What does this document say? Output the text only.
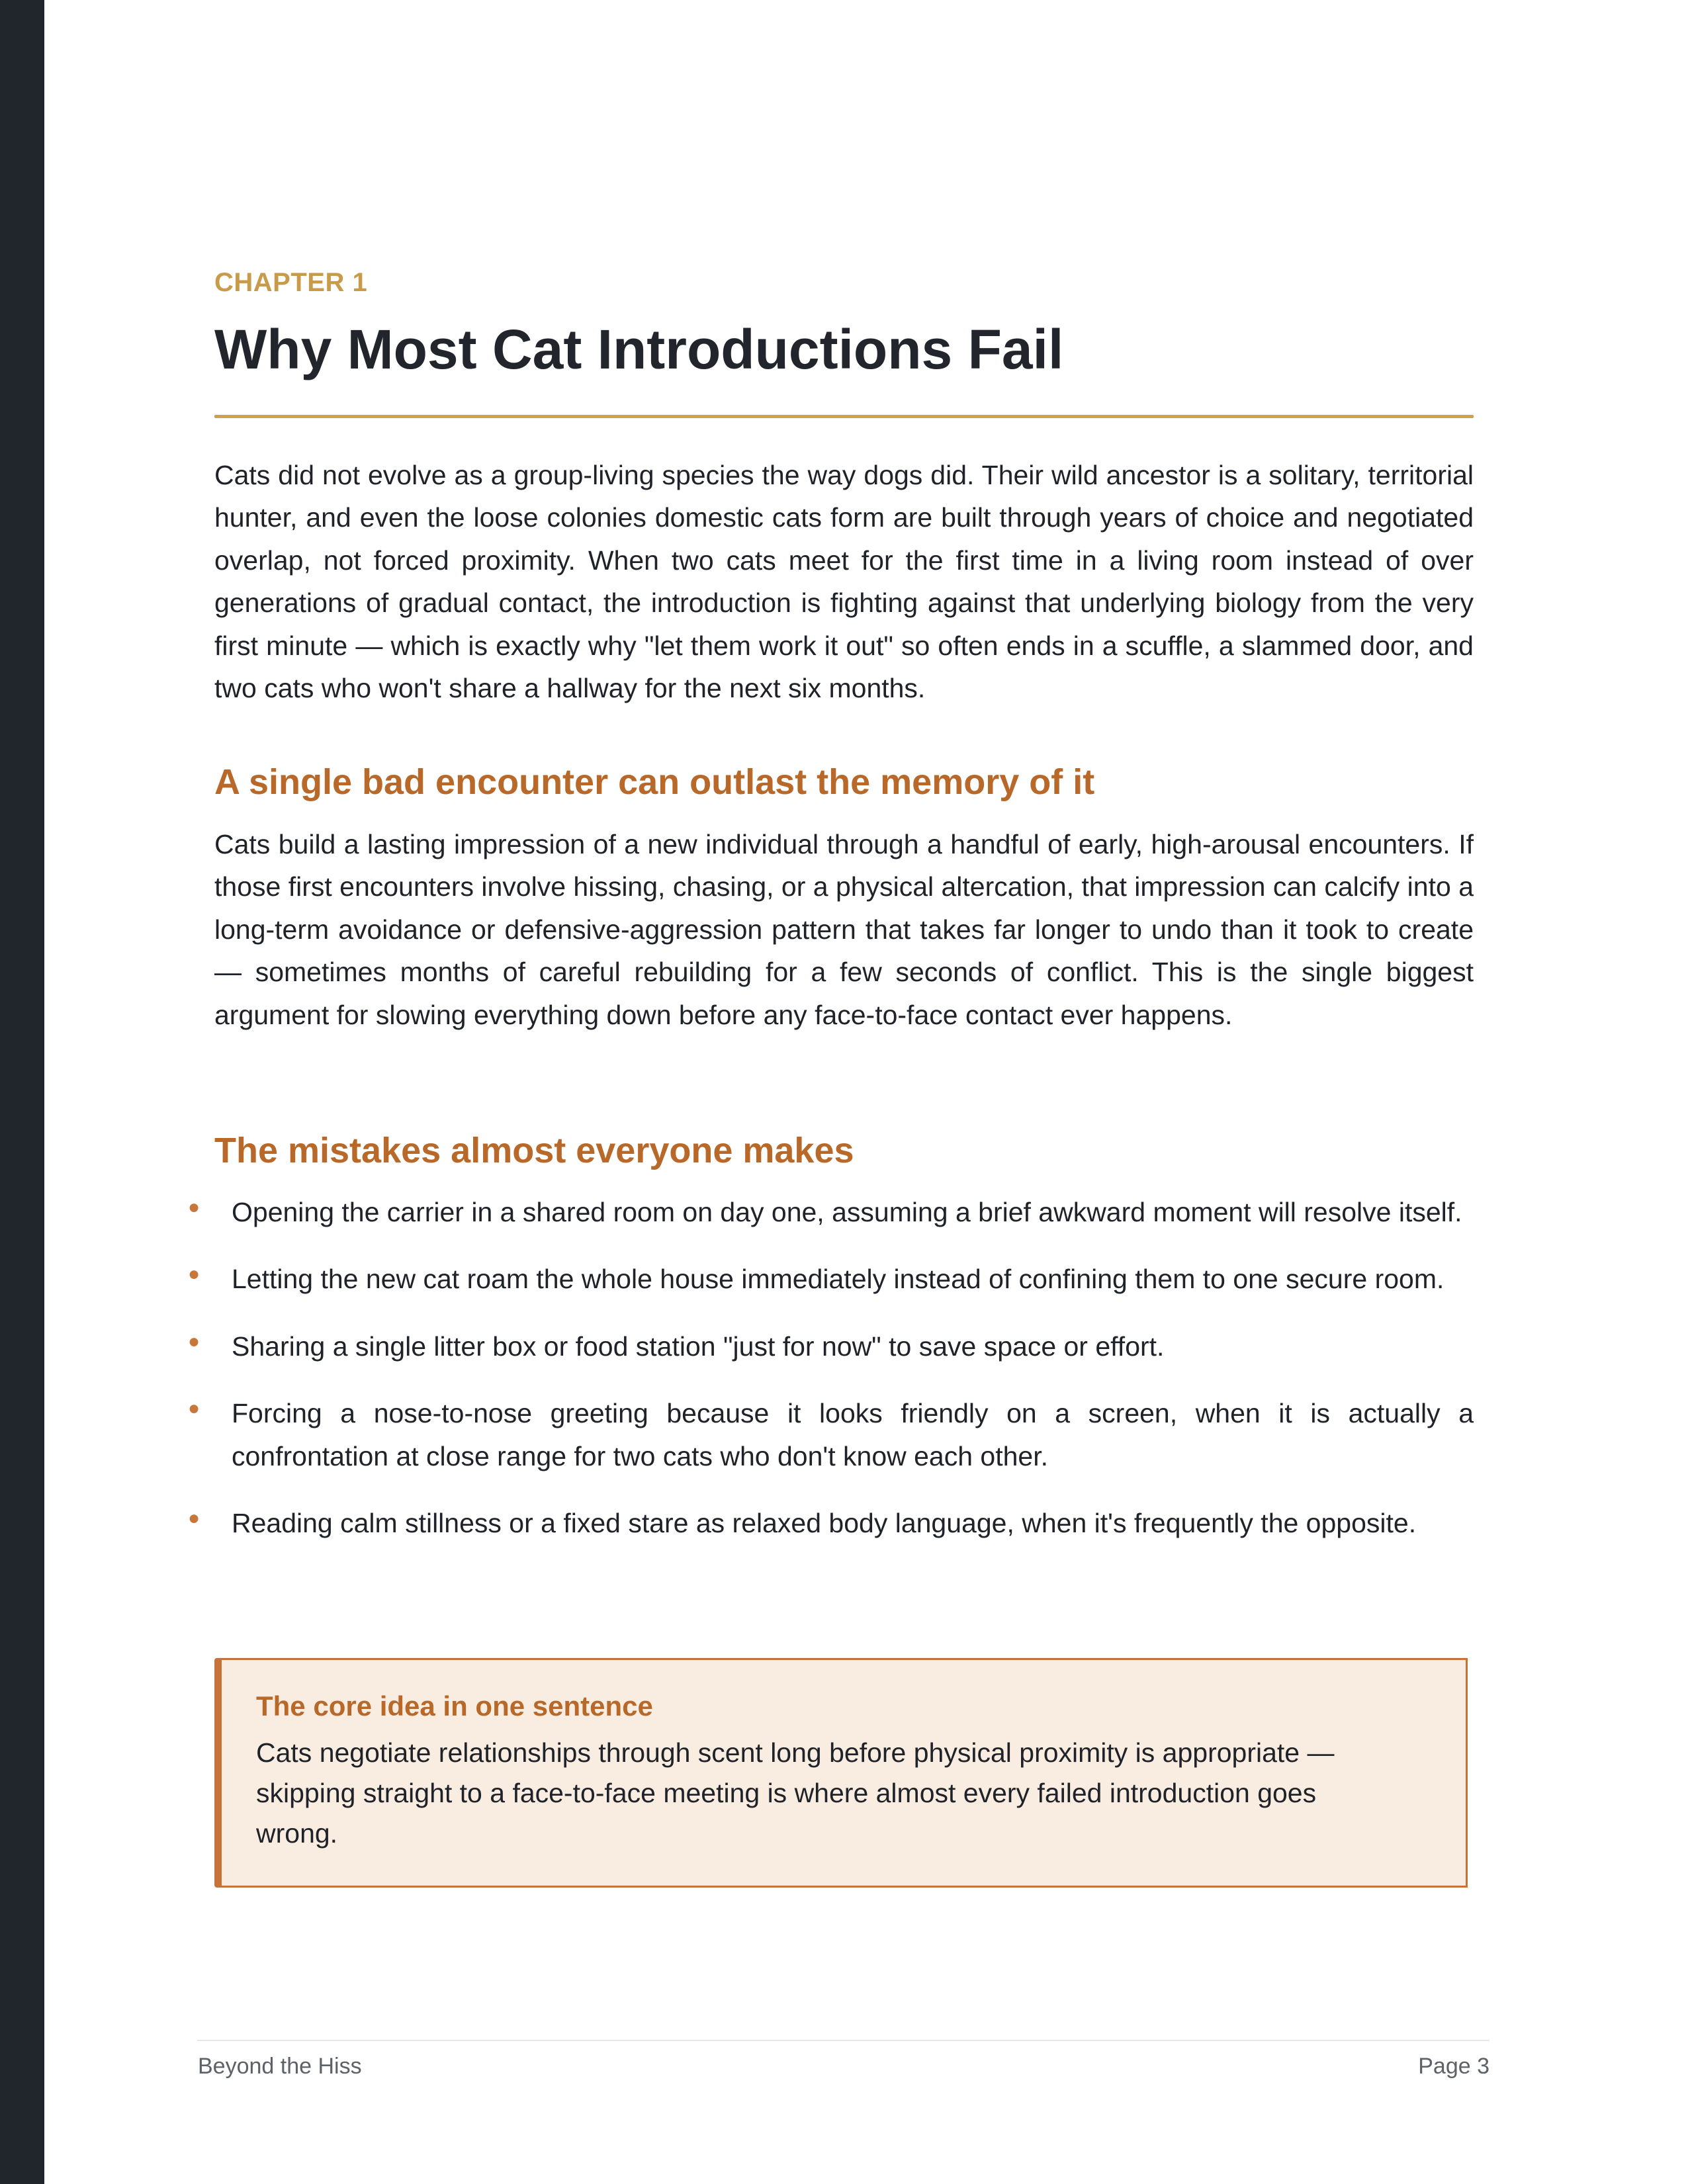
CHAPTER 1
Why Most Cat Introductions Fail

Cats did not evolve as a group-living species the way dogs did. Their wild ancestor is a solitary, territorial hunter, and even the loose colonies domestic cats form are built through years of choice and negotiated overlap, not forced proximity. When two cats meet for the first time in a living room instead of over generations of gradual contact, the introduction is fighting against that underlying biology from the very first minute — which is exactly why "let them work it out" so often ends in a scuffle, a slammed door, and two cats who won't share a hallway for the next six months.

A single bad encounter can outlast the memory of it

Cats build a lasting impression of a new individual through a handful of early, high-arousal encounters. If those first encounters involve hissing, chasing, or a physical altercation, that impression can calcify into a long-term avoidance or defensive-aggression pattern that takes far longer to undo than it took to create — sometimes months of careful rebuilding for a few seconds of conflict. This is the single biggest argument for slowing everything down before any face-to-face contact ever happens.

The mistakes almost everyone makes
● Opening the carrier in a shared room on day one, assuming a brief awkward moment will resolve itself.
● Letting the new cat roam the whole house immediately instead of confining them to one secure room.
● Sharing a single litter box or food station "just for now" to save space or effort.
● Forcing a nose-to-nose greeting because it looks friendly on a screen, when it is actually a confrontation at close range for two cats who don't know each other.
● Reading calm stillness or a fixed stare as relaxed body language, when it's frequently the opposite.
The core idea in one sentence

Cats negotiate relationships through scent long before physical proximity is appropriate — skipping straight to a face-to-face meeting is where almost every failed introduction goes wrong.

Beyond the Hiss	Page 3
